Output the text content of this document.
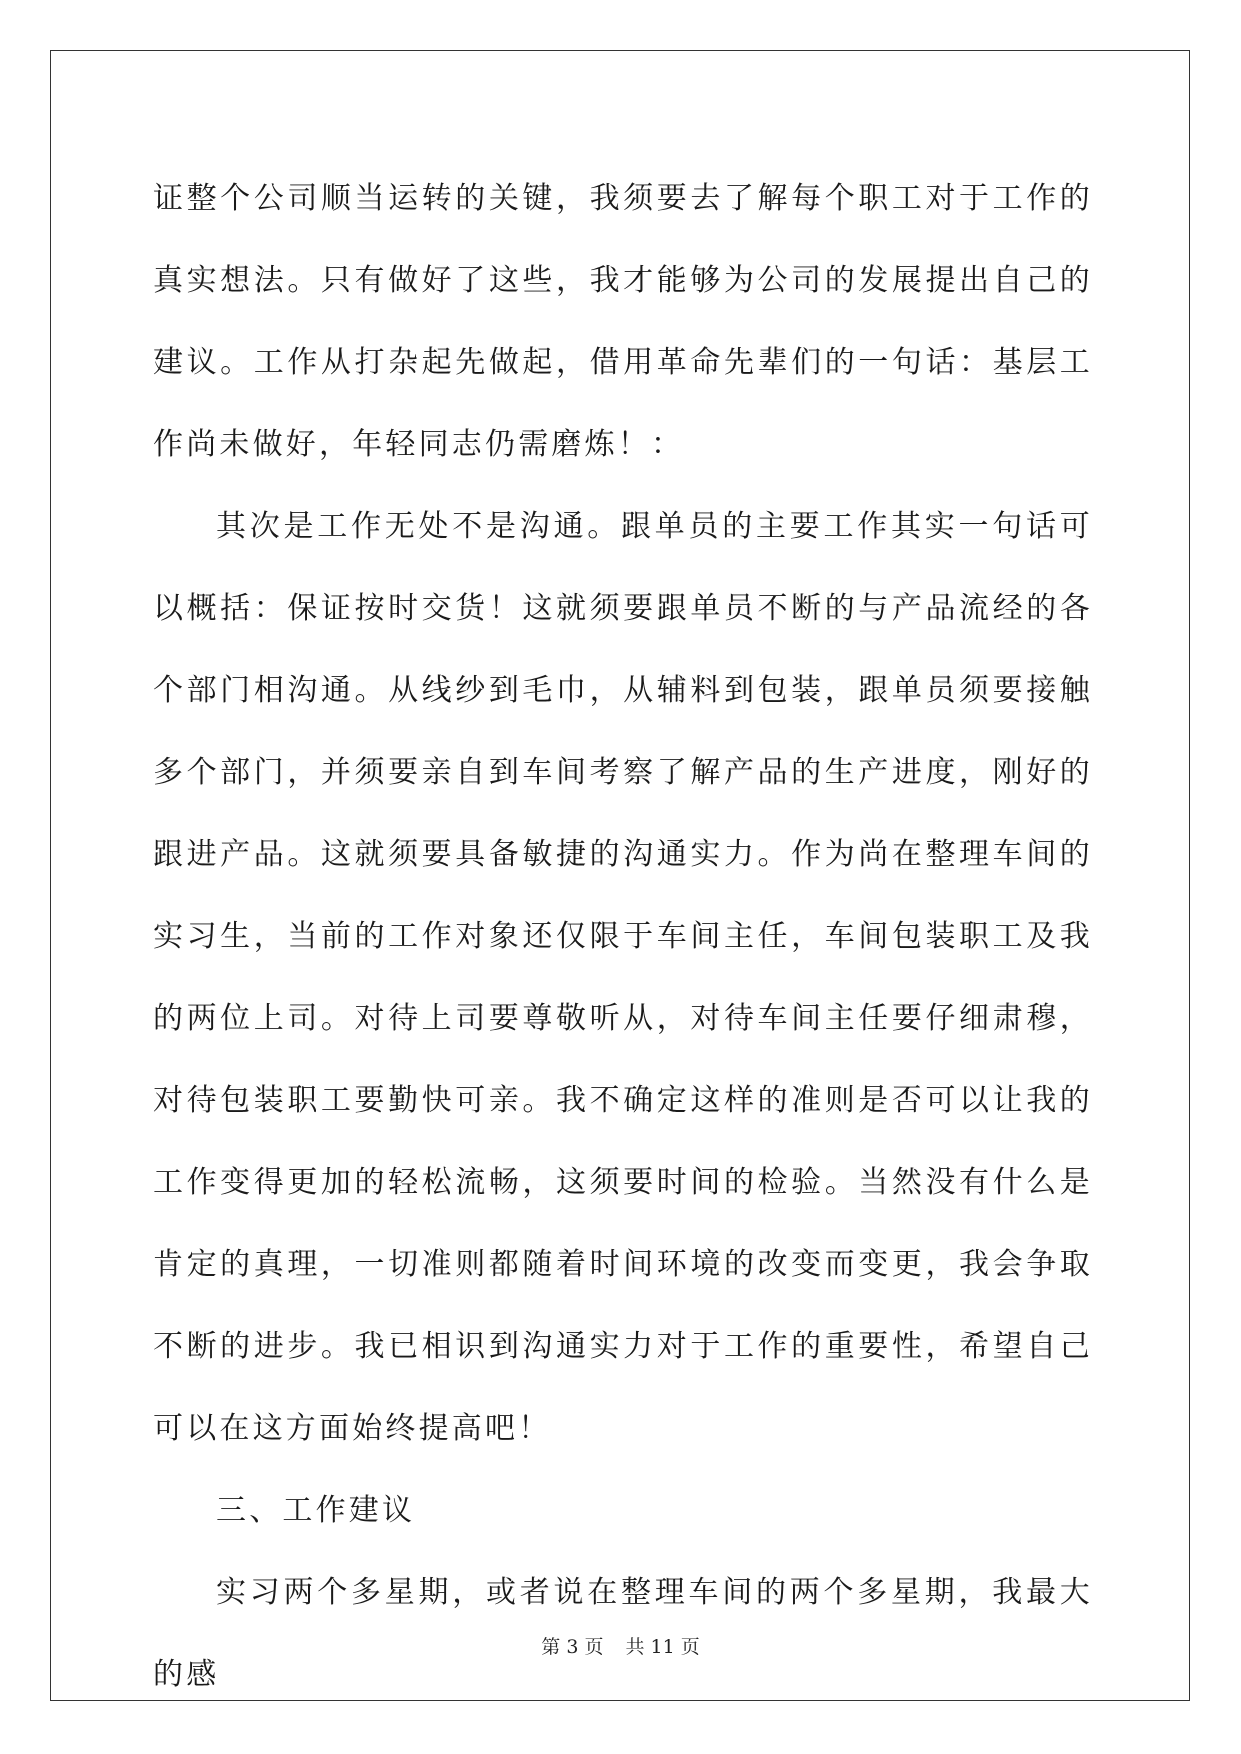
证整个公司顺当运转的关键，我须要去了解每个职工对于工作的真实想法。只有做好了这些，我才能够为公司的发展提出自己的建议。工作从打杂起先做起，借用革命先辈们的一句话：基层工作尚未做好，年轻同志仍需磨炼！：

其次是工作无处不是沟通。跟单员的主要工作其实一句话可以概括：保证按时交货！这就须要跟单员不断的与产品流经的各个部门相沟通。从线纱到毛巾，从辅料到包装，跟单员须要接触多个部门，并须要亲自到车间考察了解产品的生产进度，刚好的跟进产品。这就须要具备敏捷的沟通实力。作为尚在整理车间的实习生，当前的工作对象还仅限于车间主任，车间包装职工及我的两位上司。对待上司要尊敬听从，对待车间主任要仔细肃穆，对待包装职工要勤快可亲。我不确定这样的准则是否可以让我的工作变得更加的轻松流畅，这须要时间的检验。当然没有什么是肯定的真理，一切准则都随着时间环境的改变而变更，我会争取不断的进步。我已相识到沟通实力对于工作的重要性，希望自己可以在这方面始终提高吧！

三、工作建议

实习两个多星期，或者说在整理车间的两个多星期，我最大的感

第 3 页 共 11 页
